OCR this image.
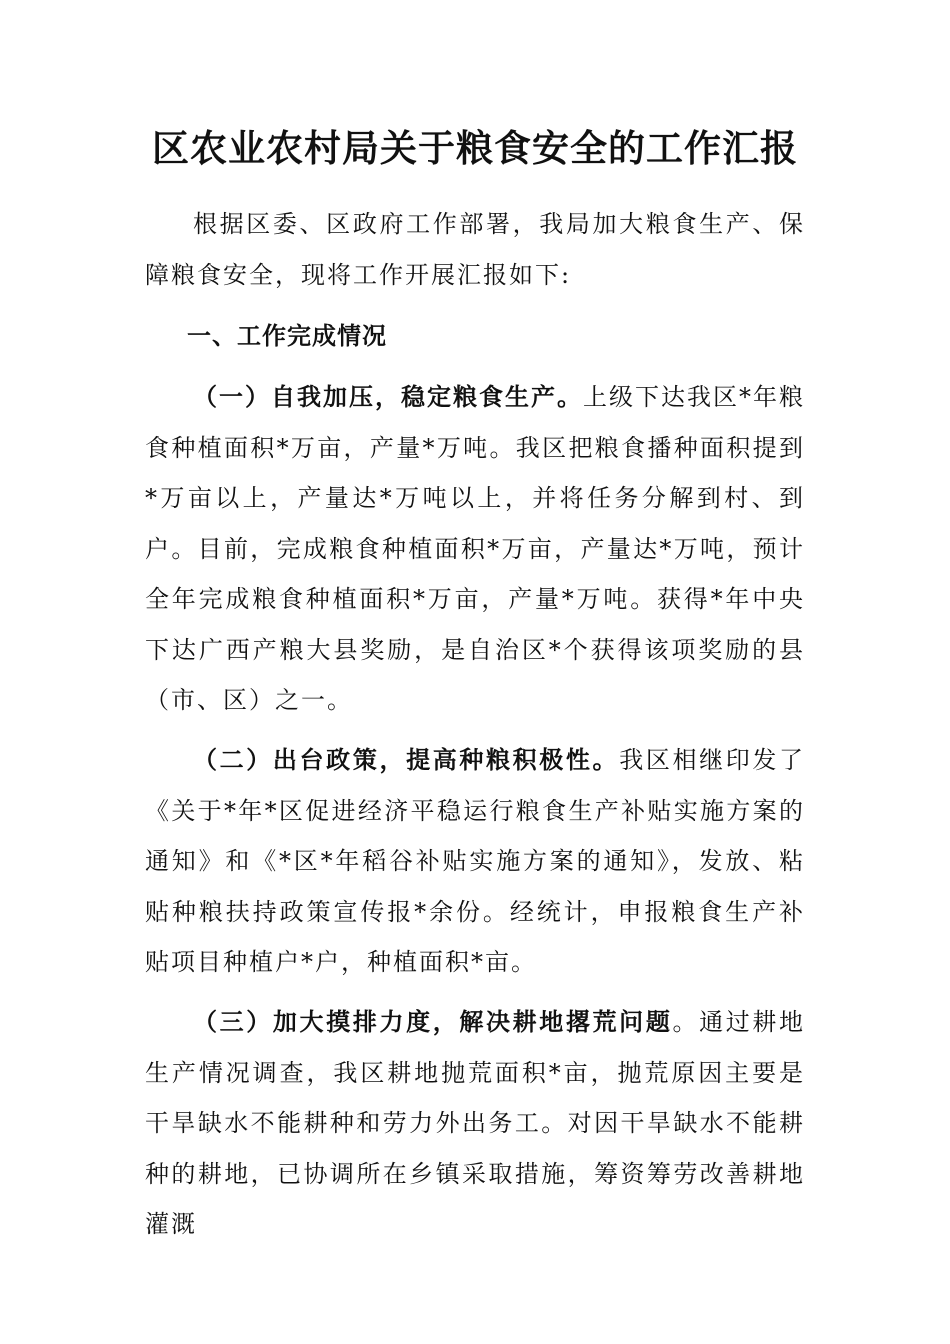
区农业农村局关于粮食安全的工作汇报

根据区委、区政府工作部署，我局加大粮食生产、保障粮食安全，现将工作开展汇报如下:

一、工作完成情况

（一）自我加压，稳定粮食生产。上级下达我区*年粮食种植面积*万亩，产量*万吨。我区把粮食播种面积提到*万亩以上，产量达*万吨以上，并将任务分解到村、到户。目前，完成粮食种植面积*万亩，产量达*万吨，预计全年完成粮食种植面积*万亩，产量*万吨。获得*年中央下达广西产粮大县奖励，是自治区*个获得该项奖励的县（市、区）之一。

（二）出台政策，提高种粮积极性。我区相继印发了《关于*年*区促进经济平稳运行粮食生产补贴实施方案的通知》和《*区*年稻谷补贴实施方案的通知》，发放、粘贴种粮扶持政策宣传报*余份。经统计，申报粮食生产补贴项目种植户*户，种植面积*亩。

（三）加大摸排力度，解决耕地撂荒问题。通过耕地生产情况调查，我区耕地抛荒面积*亩，抛荒原因主要是干旱缺水不能耕种和劳力外出务工。对因干旱缺水不能耕种的耕地，已协调所在乡镇采取措施，筹资筹劳改善耕地灌溉
